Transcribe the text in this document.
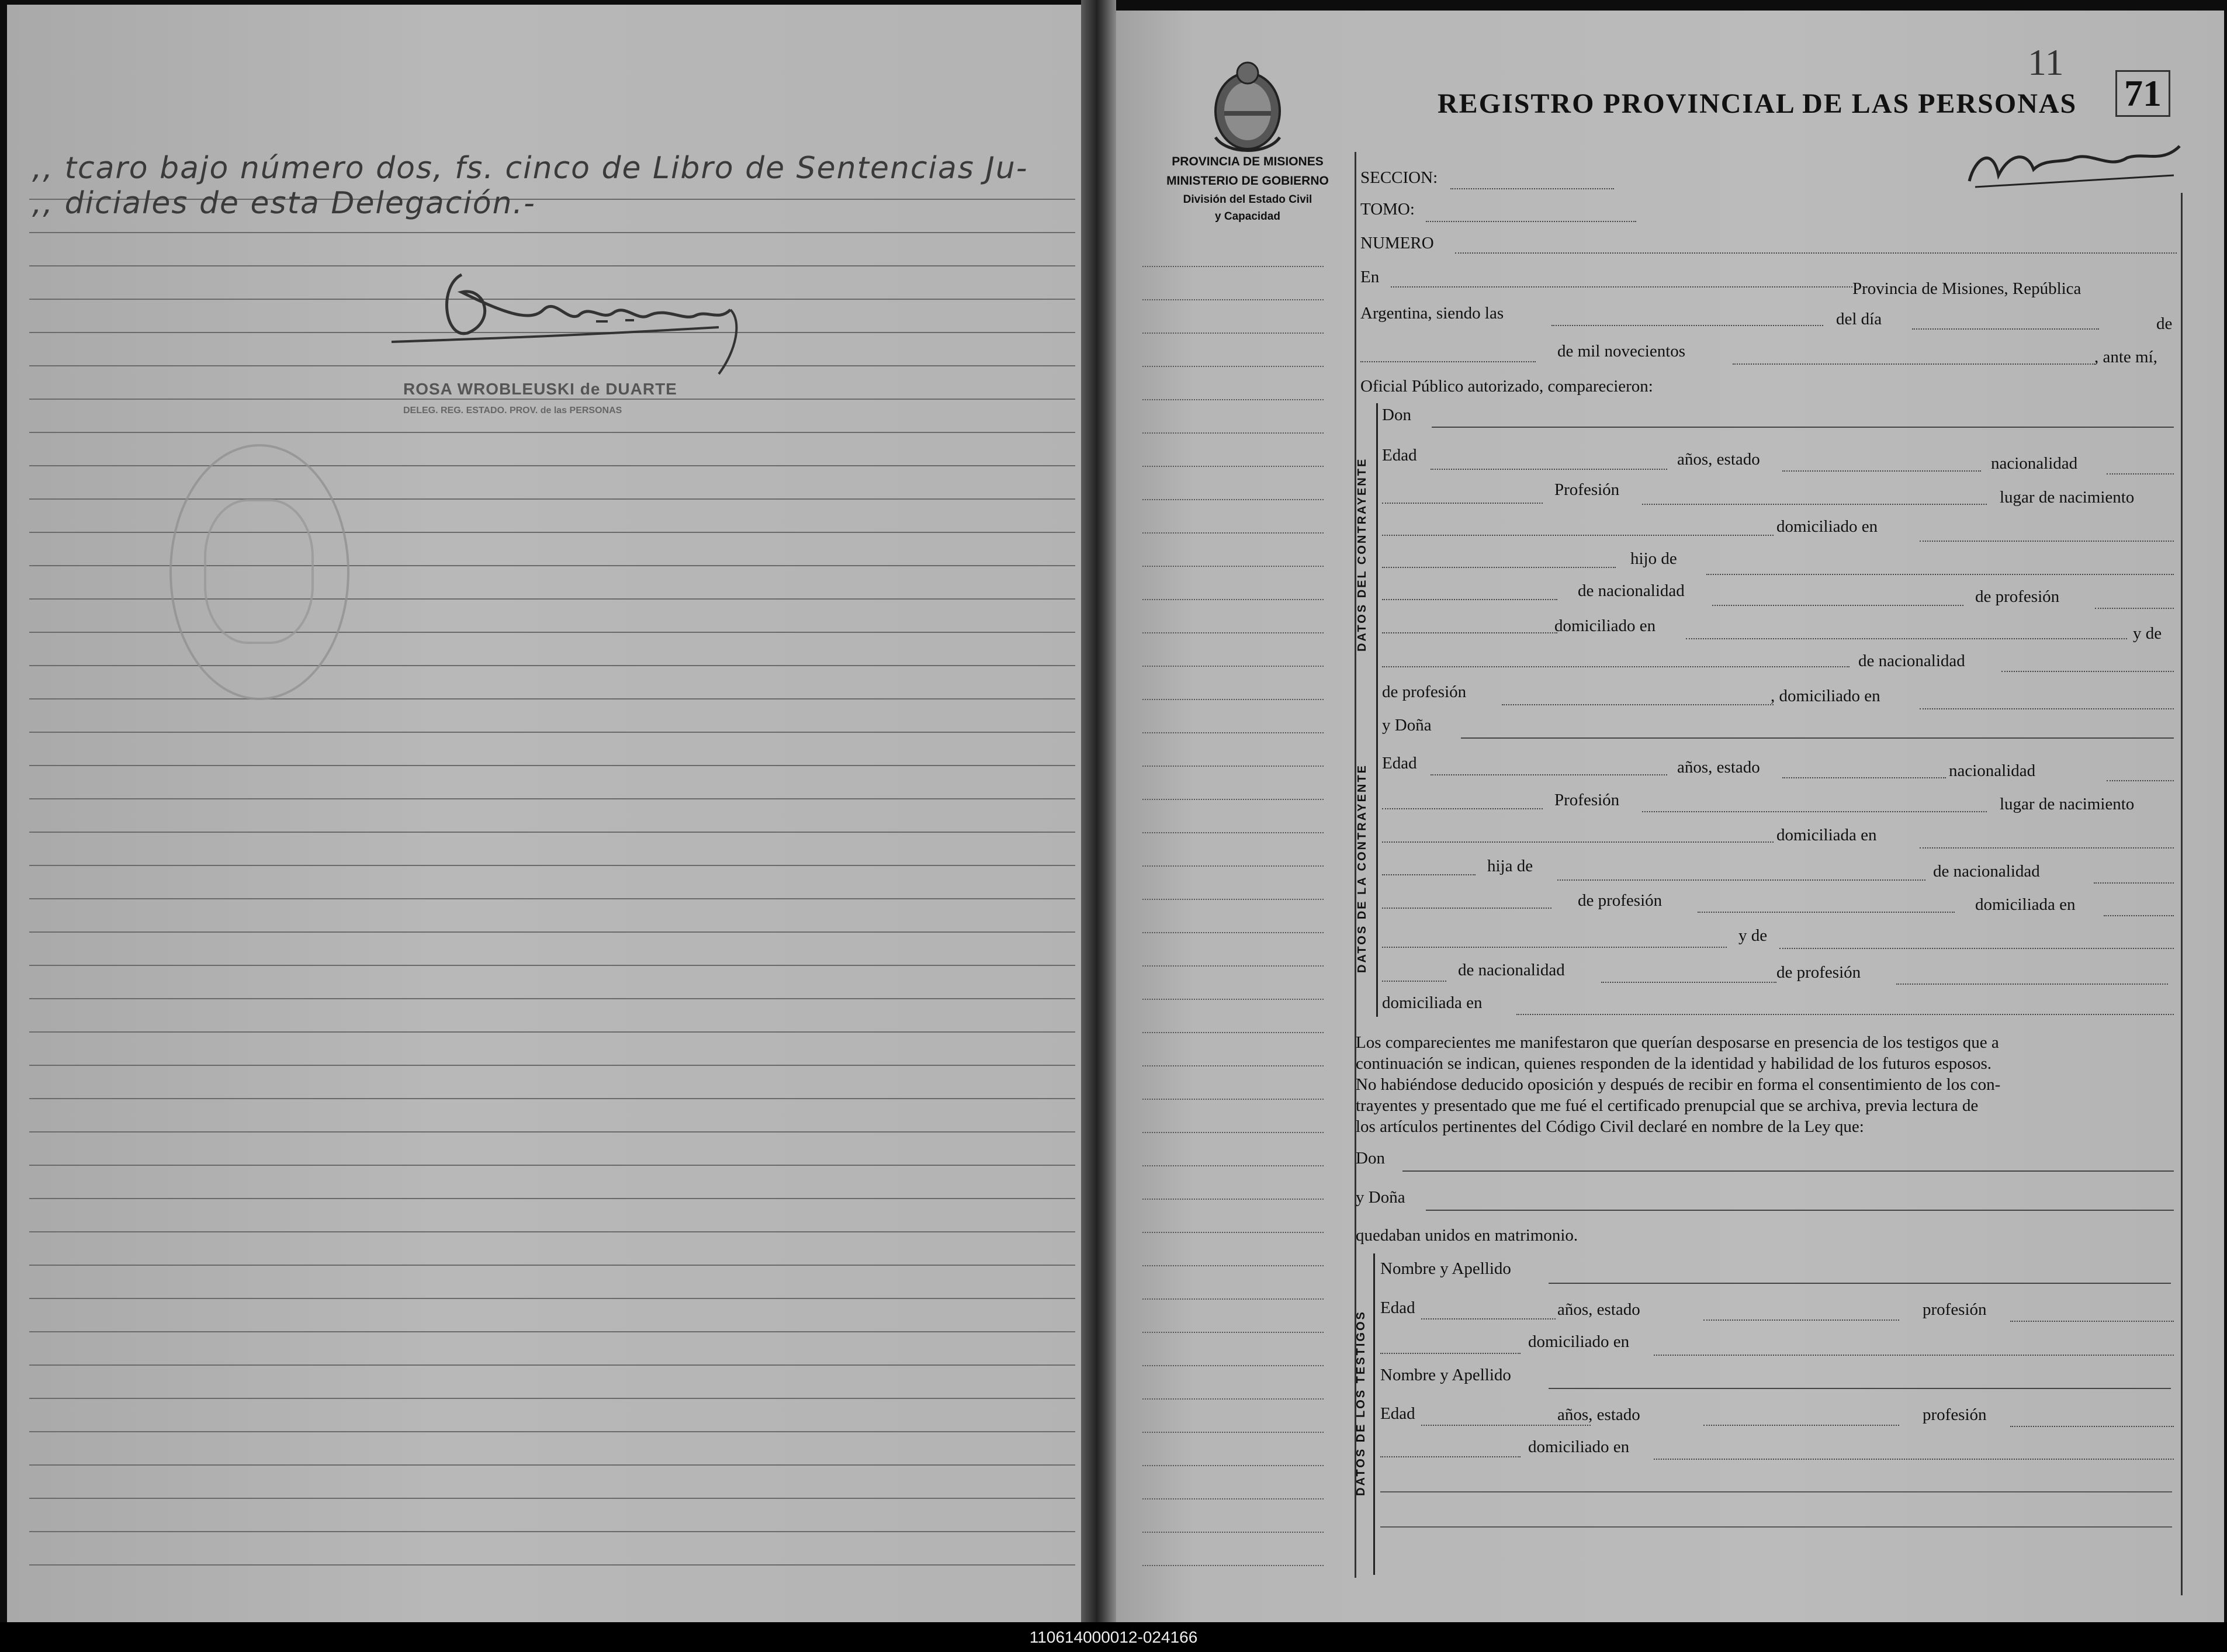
‚‚ tcaro bajo número dos, fs. cinco de Libro de Sentencias Ju-
‚‚ diciales de esta Delegación.-
ROSA WROBLEUSKI de DUARTE
DELEG. REG. ESTADO. PROV. de las PERSONAS
11
71
REGISTRO PROVINCIAL DE LAS PERSONAS
PROVINCIA DE MISIONES
MINISTERIO DE GOBIERNO
División del Estado Civil
y Capacidad
SECCION:
TOMO:
NUMERO
En
Provincia de Misiones, República
Argentina, siendo las	del día	de
de mil novecientos	, ante mí,
Oficial Público autorizado, comparecieron:
DATOS DEL CONTRAYENTE
Don
Edad	años, estado	nacionalidad
Profesión	lugar de nacimiento
domiciliado en
hijo de
de nacionalidad	de profesión
domiciliado en	y de
de nacionalidad
de profesión	, domiciliado en
DATOS DE LA CONTRAYENTE
y Doña
Edad	años, estado	nacionalidad
Profesión	lugar de nacimiento
domiciliada en
hija de	de nacionalidad
de profesión	domiciliada en
y de
de nacionalidad	de profesión
domiciliada en
Los comparecientes me manifestaron que querían desposarse en presencia de los testigos que a
continuación se indican, quienes responden de la identidad y habilidad de los futuros esposos.
No habiéndose deducido oposición y después de recibir en forma el consentimiento de los con-
trayentes y presentado que me fué el certificado prenupcial que se archiva, previa lectura de
los artículos pertinentes del Código Civil declaré en nombre de la Ley que:
Don
y Doña
quedaban unidos en matrimonio.
DATOS DE LOS TESTIGOS
Nombre y Apellido
Edad	años, estado	profesión
domiciliado en
Nombre y Apellido
Edad	años, estado	profesión
domiciliado en
110614000012-024166
